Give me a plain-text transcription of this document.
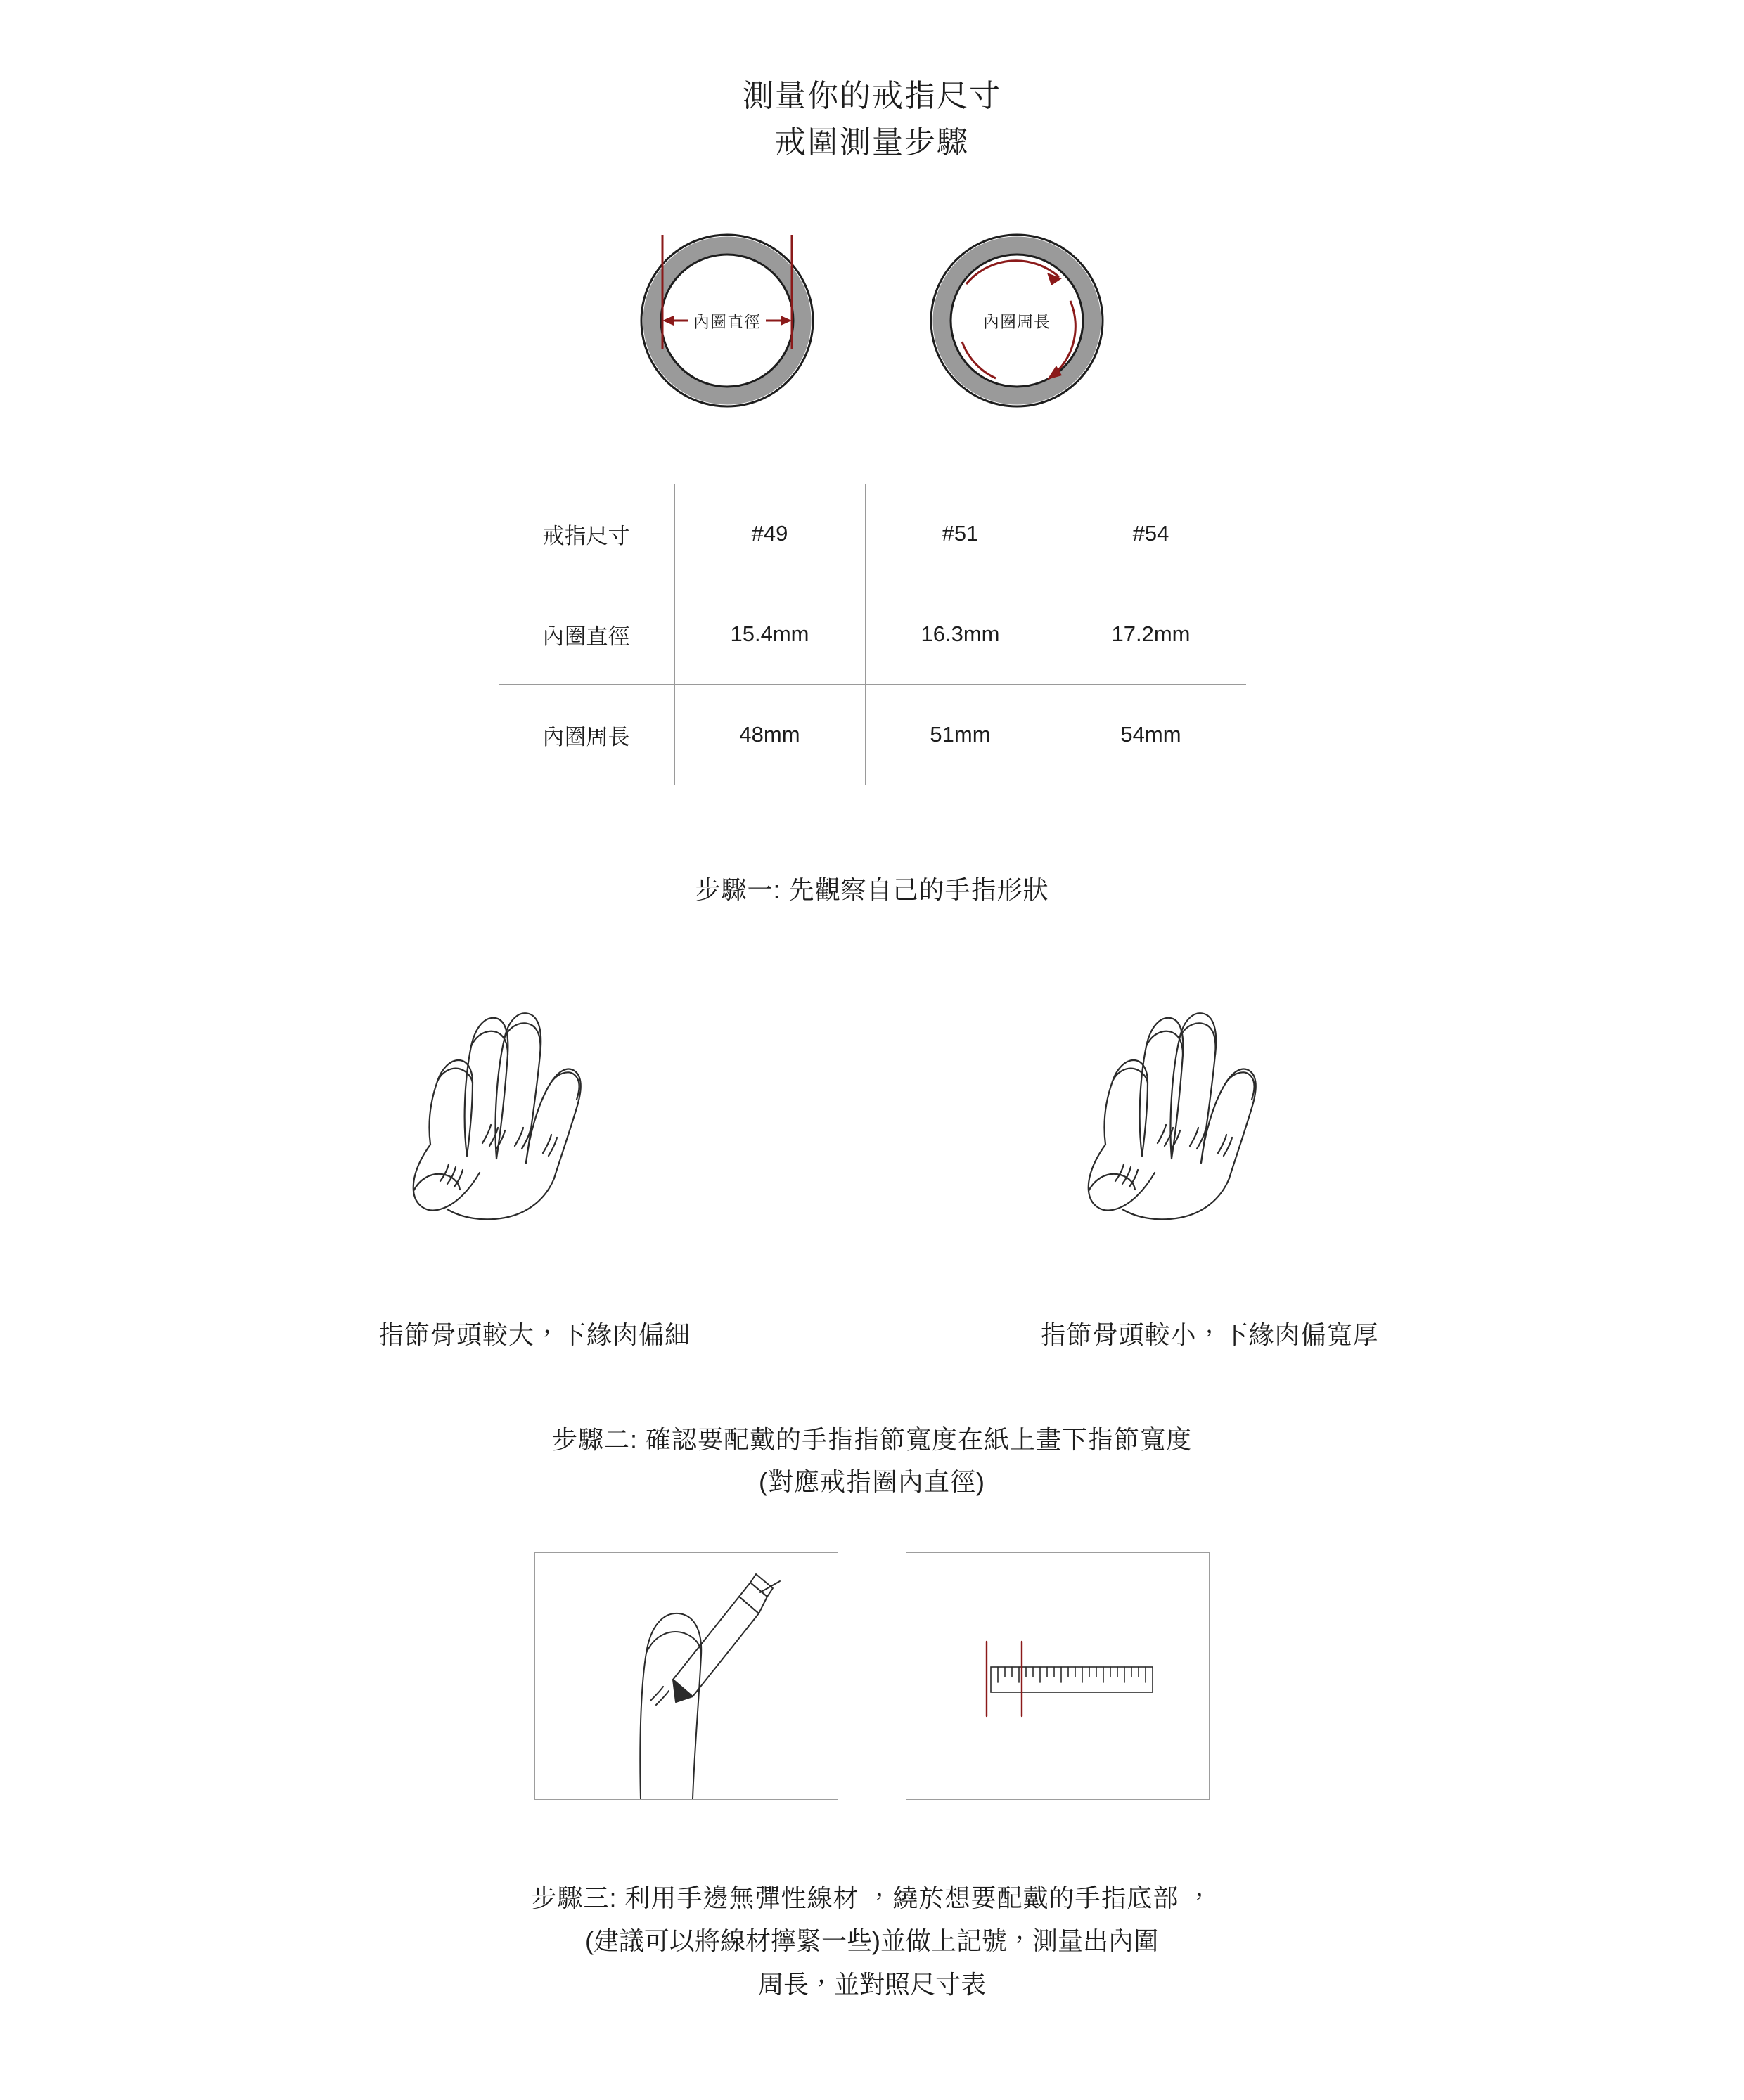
測量你的戒指尺寸
戒圍測量步驟
內圈直徑	內圈周長
戒指尺寸	#49	#51	#54
內圈直徑	15.4mm	16.3mm	17.2mm
內圈周長	48mm	51mm	54mm
步驟一: 先觀察自己的手指形狀
指節骨頭較大，下緣肉偏細	指節骨頭較小，下緣肉偏寬厚
步驟二: 確認要配戴的手指指節寬度在紙上畫下指節寬度
(對應戒指圈內直徑)
步驟三: 利用手邊無彈性線材 ，繞於想要配戴的手指底部 ，
(建議可以將線材擰緊一些)並做上記號，測量出內圍
周長，並對照尺寸表
